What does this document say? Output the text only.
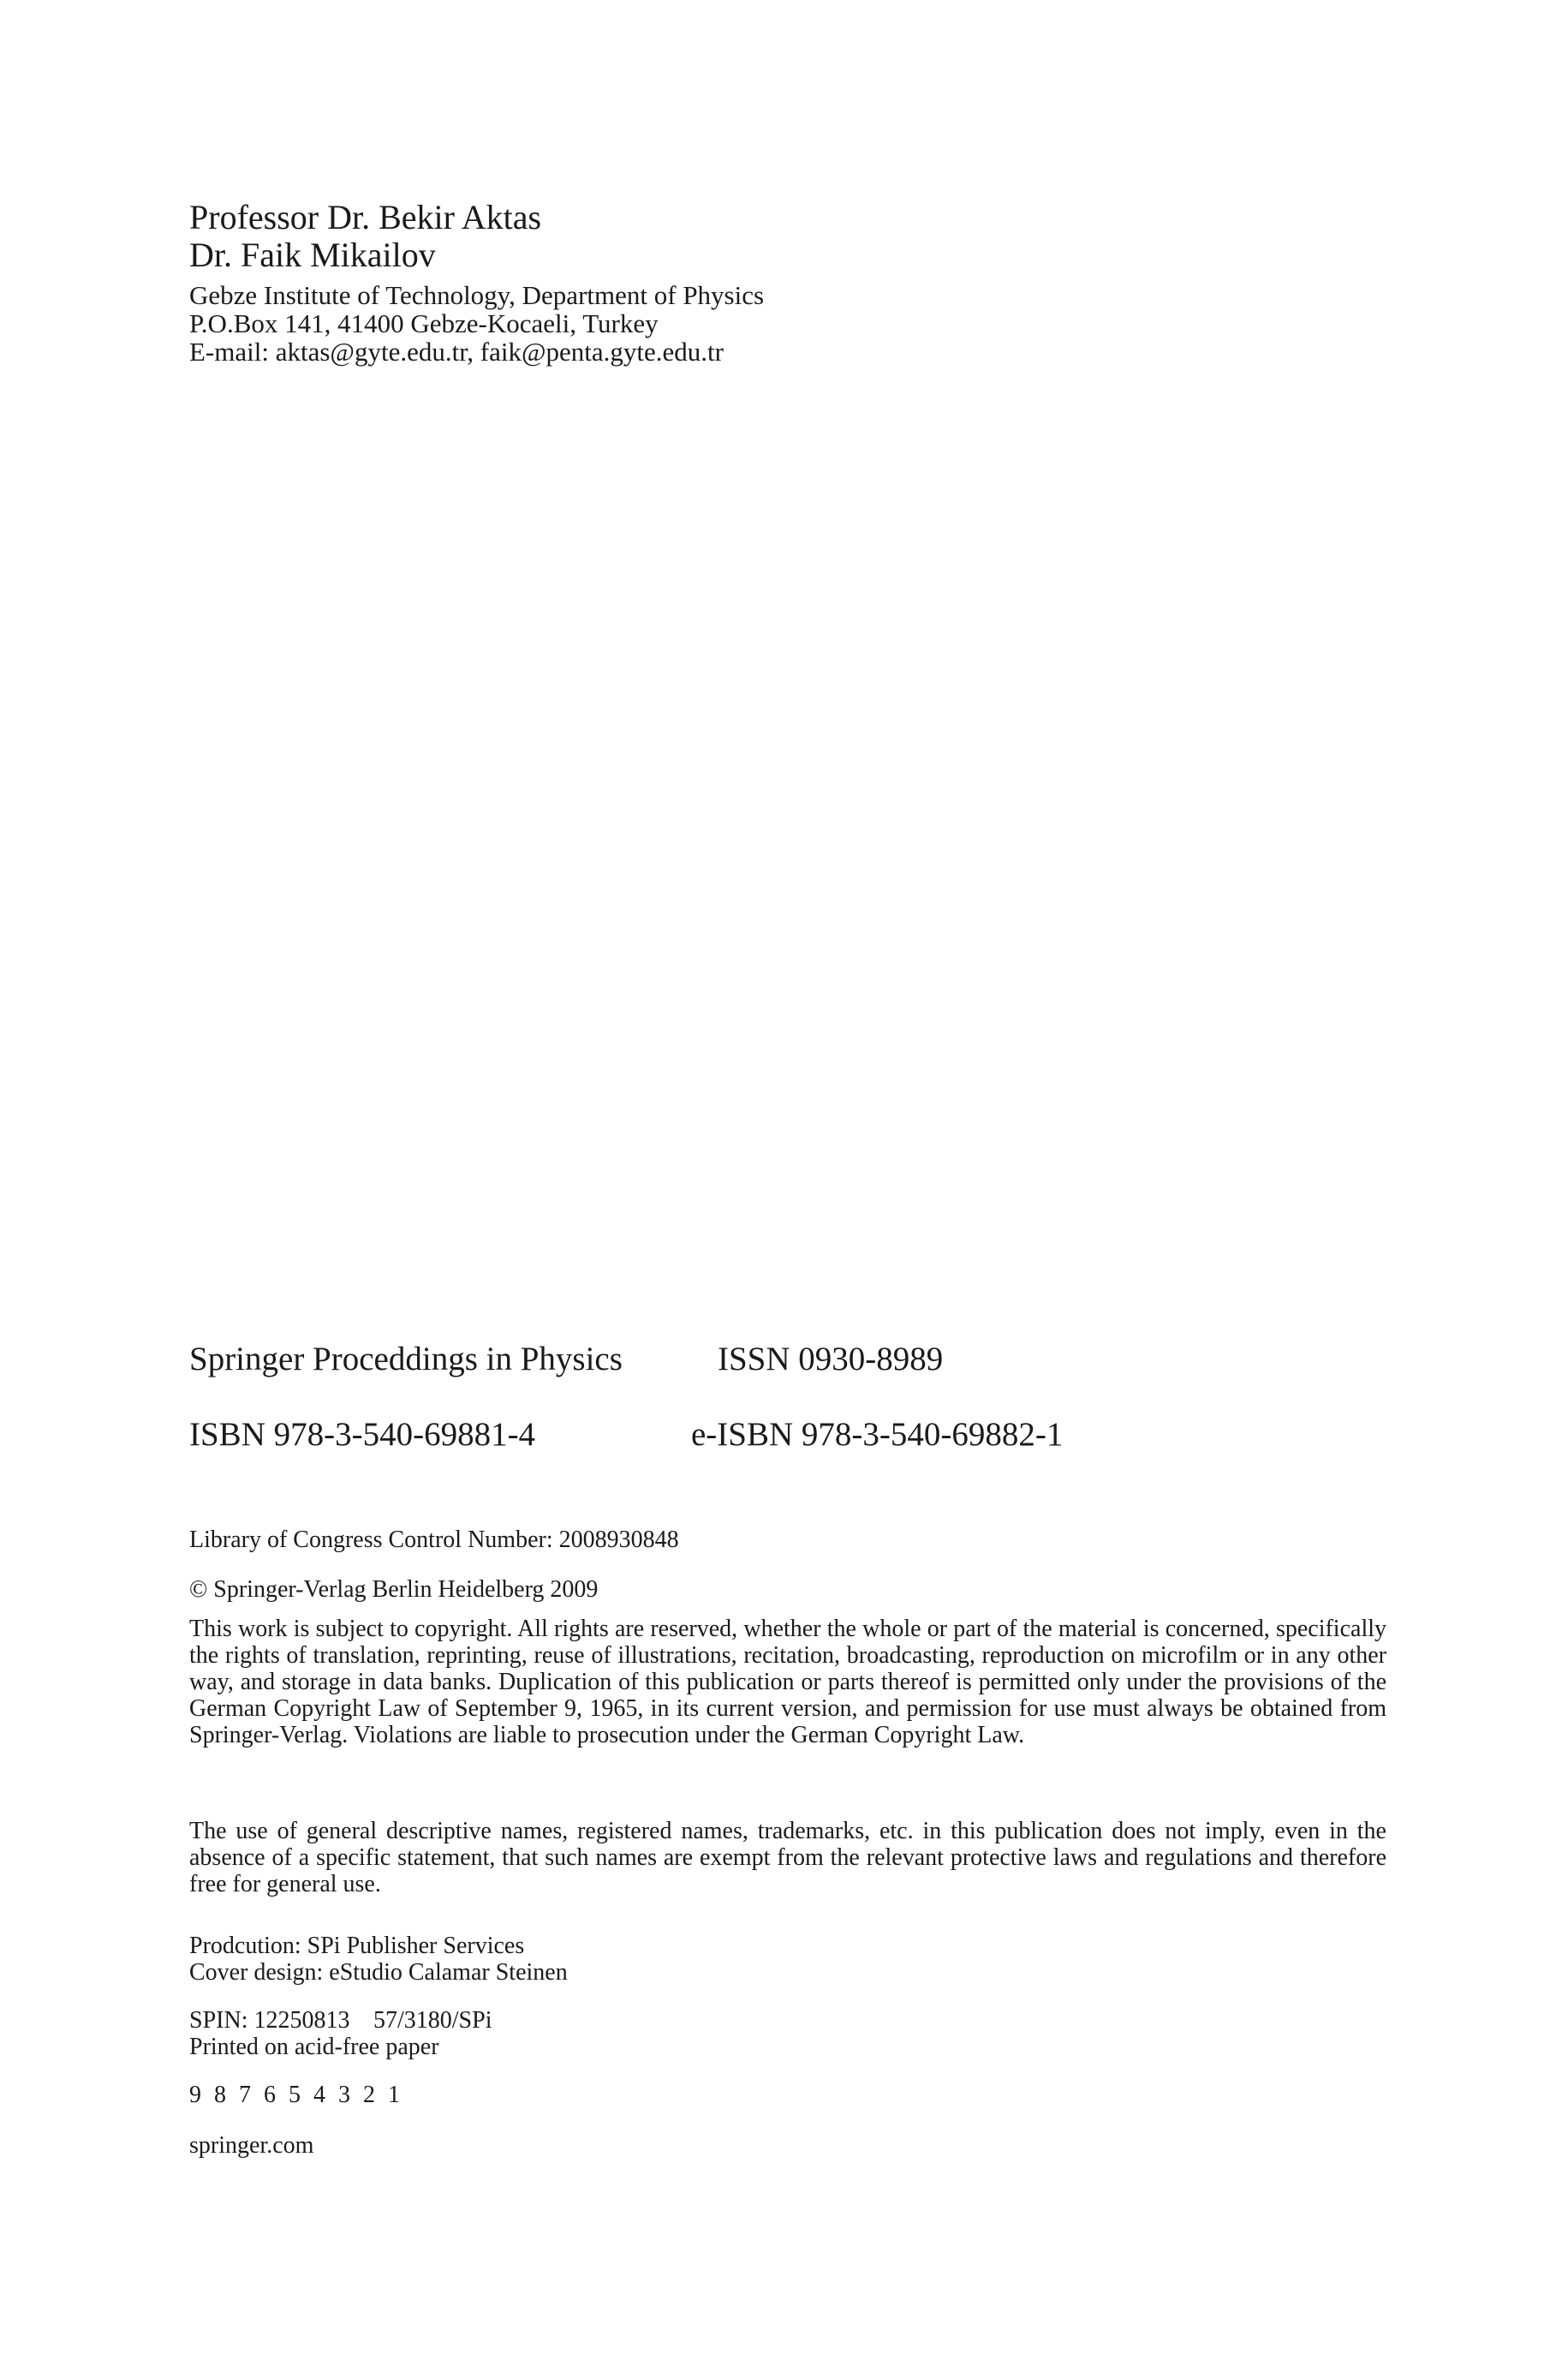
Professor Dr. Bekir Aktas
Dr. Faik Mikailov
Gebze Institute of Technology, Department of Physics
P.O.Box 141, 41400 Gebze-Kocaeli, Turkey
E-mail: aktas@gyte.edu.tr, faik@penta.gyte.edu.tr
Springer Proceddings in Physics	ISSN 0930-8989
ISBN 978-3-540-69881-4	e-ISBN 978-3-540-69882-1
Library of Congress Control Number: 2008930848
© Springer-Verlag Berlin Heidelberg 2009
This work is subject to copyright. All rights are reserved, whether the whole or part of the material is concerned, specifically the rights of translation, reprinting, reuse of illustrations, recitation, broadcasting, reproduction on microfilm or in any other way, and storage in data banks. Duplication of this publication or parts thereof is permitted only under the provisions of the German Copyright Law of September 9, 1965, in its current version, and permission for use must always be obtained from Springer-Verlag. Violations are liable to prosecution under the German Copyright Law.
The use of general descriptive names, registered names, trademarks, etc. in this publication does not imply, even in the absence of a specific statement, that such names are exempt from the relevant protective laws and regulations and therefore free for general use.
Prodcution: SPi Publisher Services
Cover design: eStudio Calamar Steinen
SPIN: 12250813 57/3180/SPi
Printed on acid-free paper
9 8 7 6 5 4 3 2 1
springer.com
